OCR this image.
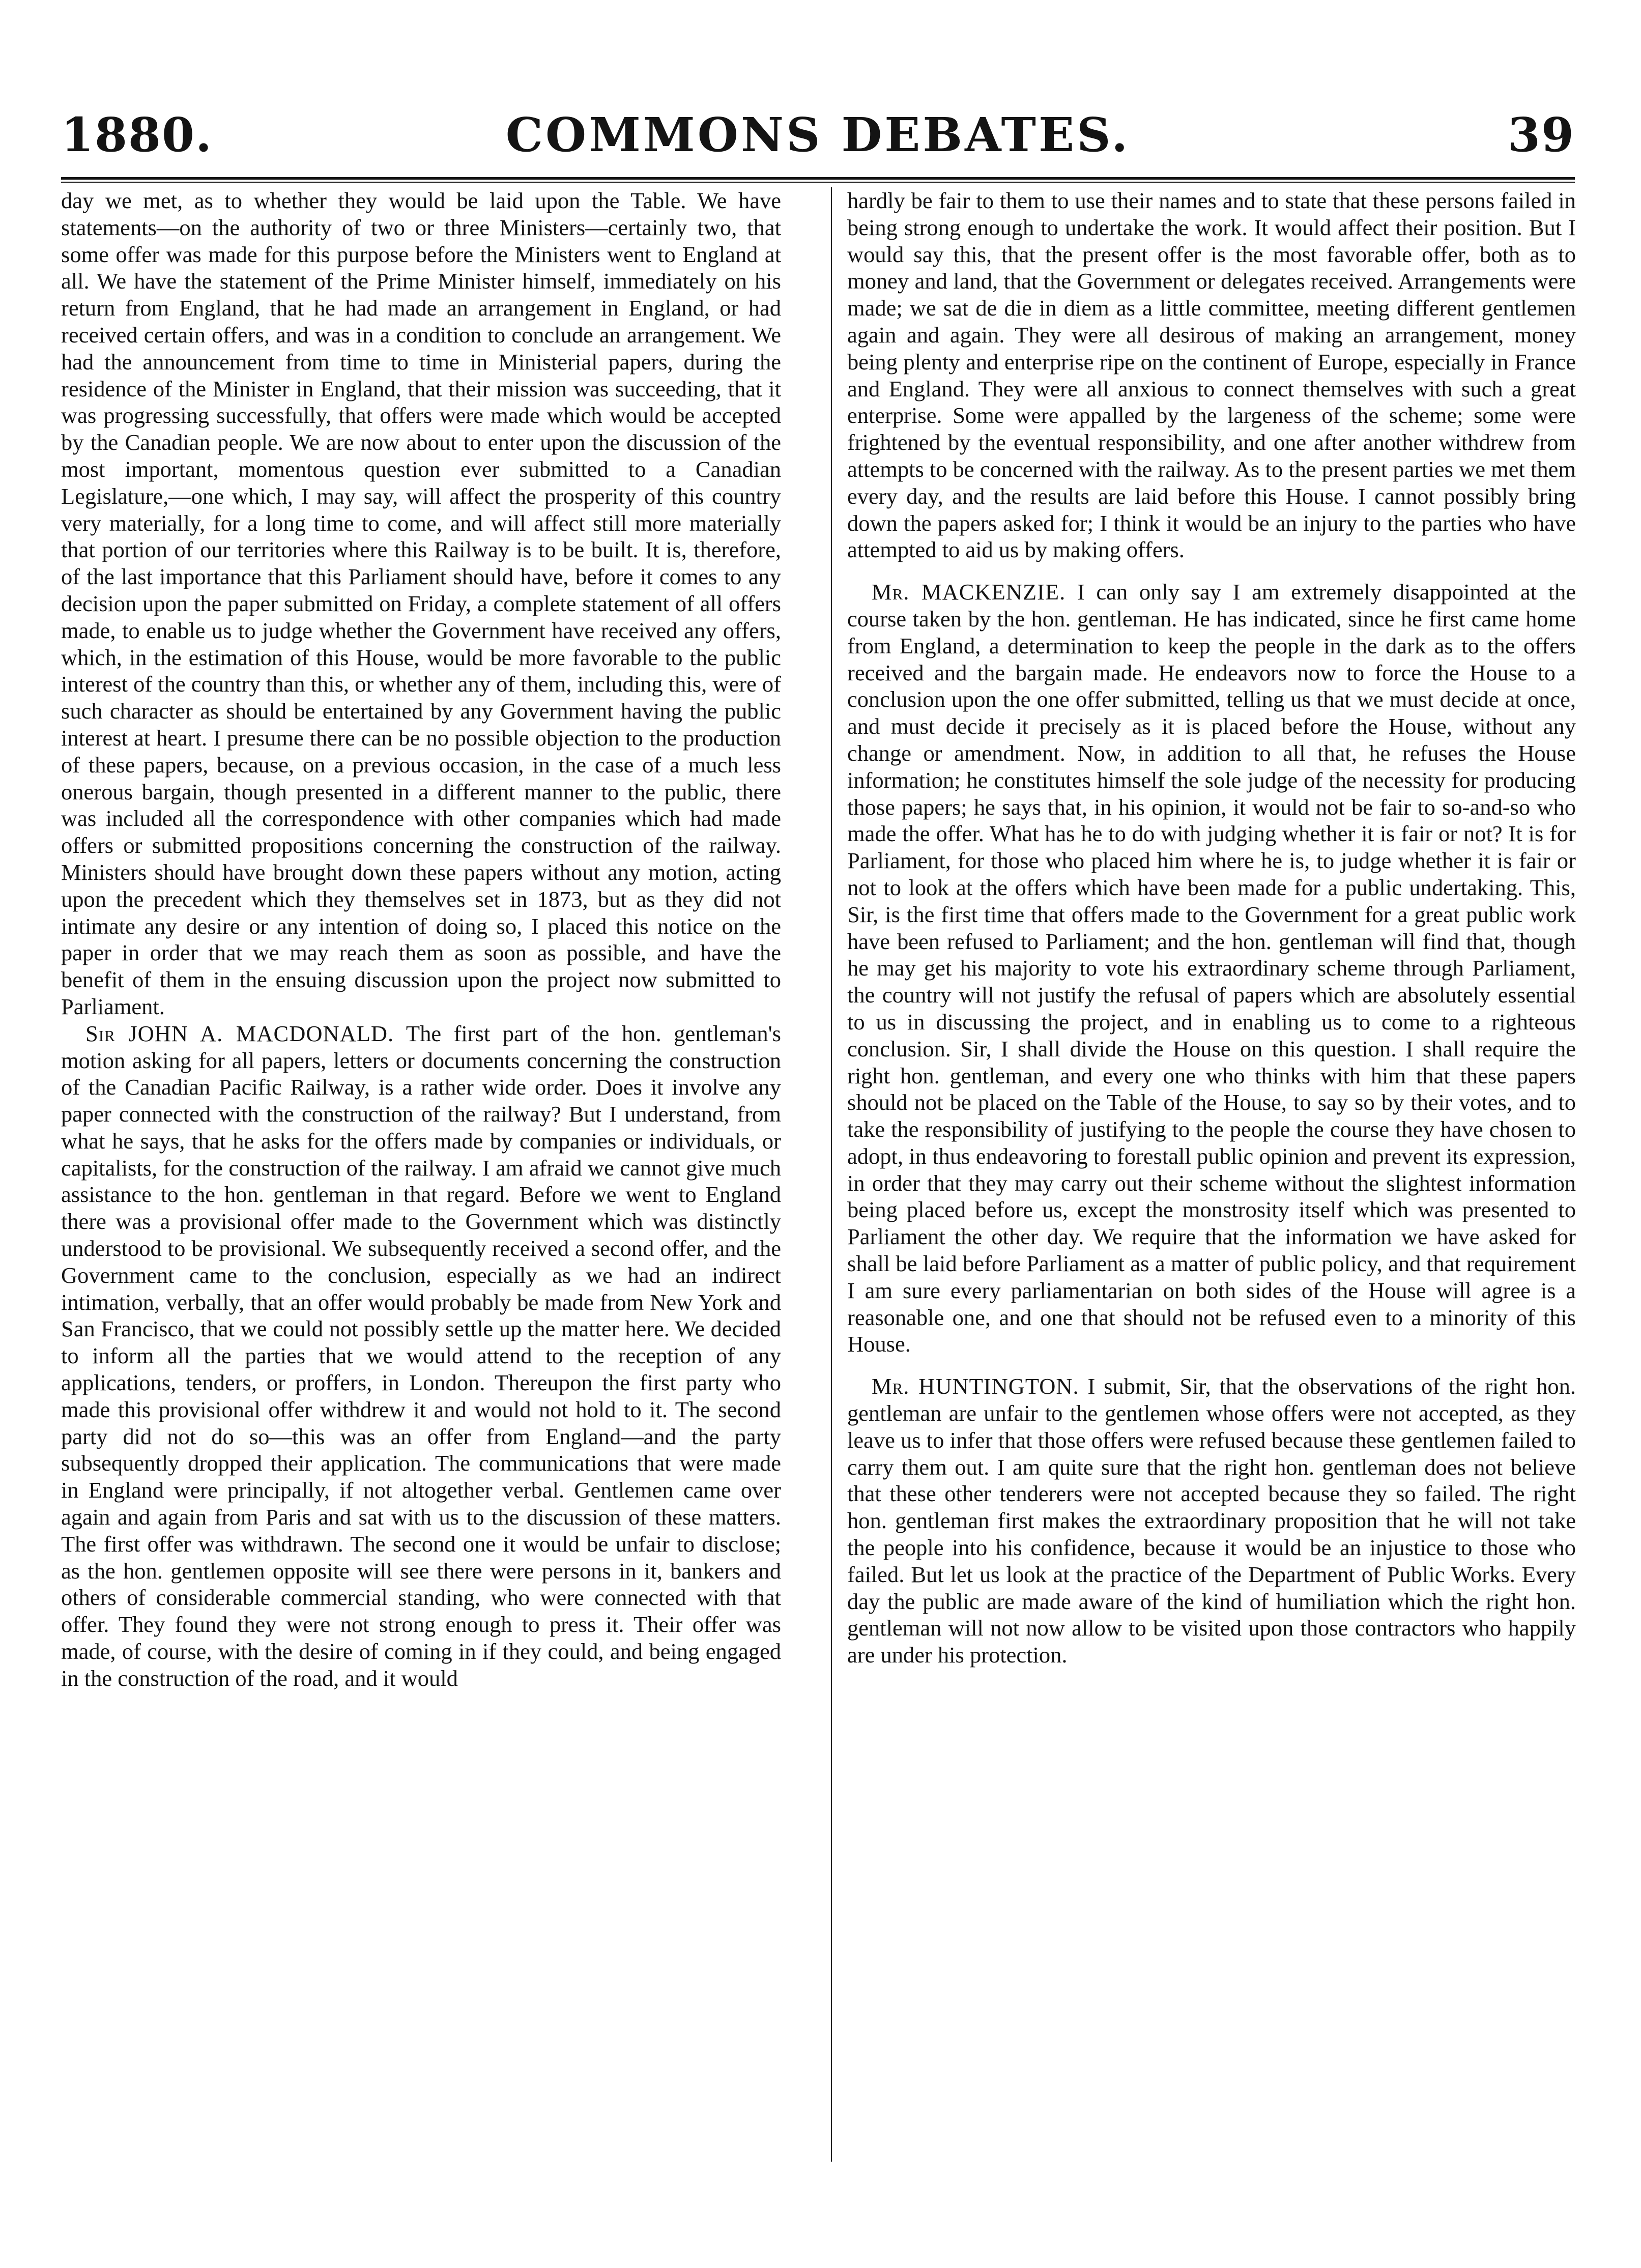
1880.	COMMONS DEBATES.	39

day we met, as to whether they would be laid upon the Table. We have statements—on the authority of two or three Ministers—certainly two, that some offer was made for this purpose before the Ministers went to England at all. We have the statement of the Prime Minister himself, immediately on his return from England, that he had made an arrangement in England, or had received certain offers, and was in a condition to conclude an arrangement. We had the announcement from time to time in Ministerial papers, during the residence of the Minister in England, that their mission was succeeding, that it was progressing successfully, that offers were made which would be accepted by the Canadian people. We are now about to enter upon the discussion of the most important, momentous question ever submitted to a Canadian Legislature,—one which, I may say, will affect the prosperity of this country very materially, for a long time to come, and will affect still more materially that portion of our territories where this Railway is to be built. It is, therefore, of the last importance that this Parliament should have, before it comes to any decision upon the paper submitted on Friday, a complete statement of all offers made, to enable us to judge whether the Government have received any offers, which, in the estimation of this House, would be more favorable to the public interest of the country than this, or whether any of them, including this, were of such character as should be entertained by any Government having the public interest at heart. I presume there can be no possible objection to the production of these papers, because, on a previous occasion, in the case of a much less onerous bargain, though presented in a different manner to the public, there was included all the correspondence with other companies which had made offers or submitted propositions concerning the construction of the railway. Ministers should have brought down these papers without any motion, acting upon the precedent which they themselves set in 1873, but as they did not intimate any desire or any intention of doing so, I placed this notice on the paper in order that we may reach them as soon as possible, and have the benefit of them in the ensuing discussion upon the project now submitted to Parliament.

Sir JOHN A. MACDONALD. The first part of the hon. gentleman's motion asking for all papers, letters or documents concerning the construction of the Canadian Pacific Railway, is a rather wide order. Does it involve any paper connected with the construction of the railway? But I understand, from what he says, that he asks for the offers made by companies or individuals, or capitalists, for the construction of the railway. I am afraid we cannot give much assistance to the hon. gentleman in that regard. Before we went to England there was a provisional offer made to the Government which was distinctly understood to be provisional. We subsequently received a second offer, and the Government came to the conclusion, especially as we had an indirect intimation, verbally, that an offer would probably be made from New York and San Francisco, that we could not possibly settle up the matter here. We decided to inform all the parties that we would attend to the reception of any applications, tenders, or proffers, in London. Thereupon the first party who made this provisional offer withdrew it and would not hold to it. The second party did not do so—this was an offer from England—and the party subsequently dropped their application. The communications that were made in England were principally, if not altogether verbal. Gentlemen came over again and again from Paris and sat with us to the discussion of these matters. The first offer was withdrawn. The second one it would be unfair to disclose; as the hon. gentlemen opposite will see there were persons in it, bankers and others of considerable commercial standing, who were connected with that offer. They found they were not strong enough to press it. Their offer was made, of course, with the desire of coming in if they could, and being engaged in the construction of the road, and it would

hardly be fair to them to use their names and to state that these persons failed in being strong enough to undertake the work. It would affect their position. But I would say this, that the present offer is the most favorable offer, both as to money and land, that the Government or delegates received. Arrangements were made; we sat de die in diem as a little committee, meeting different gentlemen again and again. They were all desirous of making an arrangement, money being plenty and enterprise ripe on the continent of Europe, especially in France and England. They were all anxious to connect themselves with such a great enterprise. Some were appalled by the largeness of the scheme; some were frightened by the eventual responsibility, and one after another withdrew from attempts to be concerned with the railway. As to the present parties we met them every day, and the results are laid before this House. I cannot possibly bring down the papers asked for; I think it would be an injury to the parties who have attempted to aid us by making offers.

Mr. MACKENZIE. I can only say I am extremely disappointed at the course taken by the hon. gentleman. He has indicated, since he first came home from England, a determination to keep the people in the dark as to the offers received and the bargain made. He endeavors now to force the House to a conclusion upon the one offer submitted, telling us that we must decide at once, and must decide it precisely as it is placed before the House, without any change or amendment. Now, in addition to all that, he refuses the House information; he constitutes himself the sole judge of the necessity for producing those papers; he says that, in his opinion, it would not be fair to so-and-so who made the offer. What has he to do with judging whether it is fair or not? It is for Parliament, for those who placed him where he is, to judge whether it is fair or not to look at the offers which have been made for a public undertaking. This, Sir, is the first time that offers made to the Government for a great public work have been refused to Parliament; and the hon. gentleman will find that, though he may get his majority to vote his extraordinary scheme through Parliament, the country will not justify the refusal of papers which are absolutely essential to us in discussing the project, and in enabling us to come to a righteous conclusion. Sir, I shall divide the House on this question. I shall require the right hon. gentleman, and every one who thinks with him that these papers should not be placed on the Table of the House, to say so by their votes, and to take the responsibility of justifying to the people the course they have chosen to adopt, in thus endeavoring to forestall public opinion and prevent its expression, in order that they may carry out their scheme without the slightest information being placed before us, except the monstrosity itself which was presented to Parliament the other day. We require that the information we have asked for shall be laid before Parliament as a matter of public policy, and that requirement I am sure every parliamentarian on both sides of the House will agree is a reasonable one, and one that should not be refused even to a minority of this House.

Mr. HUNTINGTON. I submit, Sir, that the observations of the right hon. gentleman are unfair to the gentlemen whose offers were not accepted, as they leave us to infer that those offers were refused because these gentlemen failed to carry them out. I am quite sure that the right hon. gentleman does not believe that these other tenderers were not accepted because they so failed. The right hon. gentleman first makes the extraordinary proposition that he will not take the people into his confidence, because it would be an injustice to those who failed. But let us look at the practice of the Department of Public Works. Every day the public are made aware of the kind of humiliation which the right hon. gentleman will not now allow to be visited upon those contractors who happily are under his protection.
